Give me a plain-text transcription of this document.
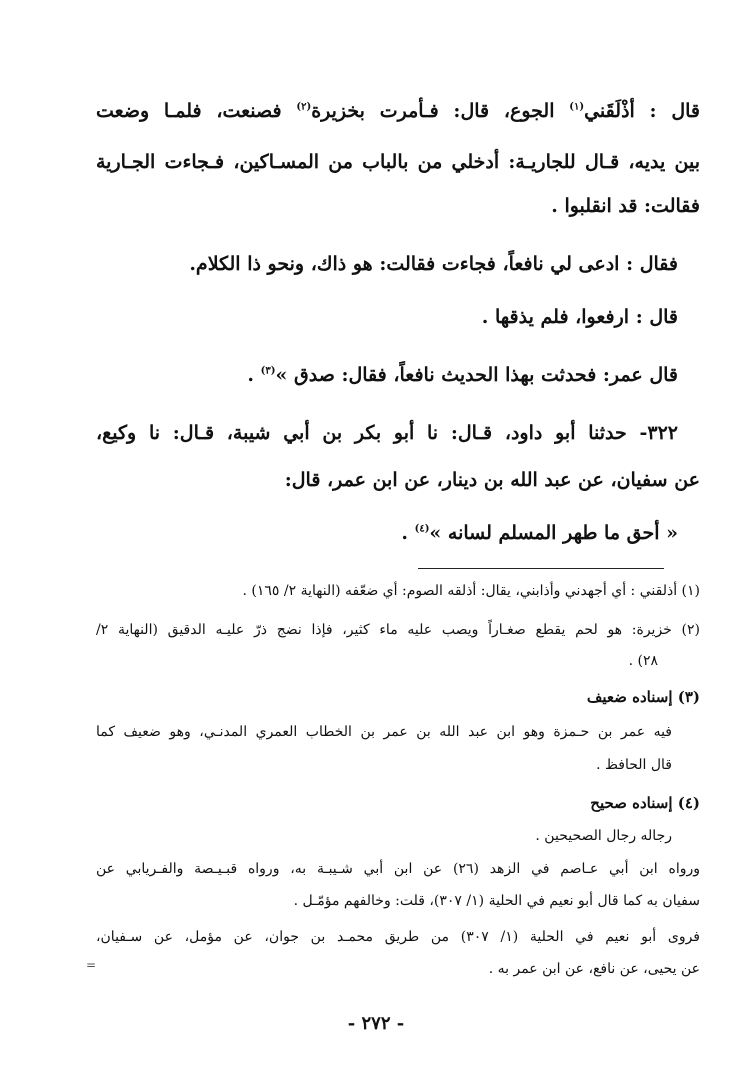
قال : أذْلَقَني$^{(١)}$ الجوع، قال: فـأمرت بخزيرة$^{(٢)}$ فصنعت، فلمـا وضعت
بين يديه، قـال للجاريـة: أدخلي من بالباب من المسـاكين، فـجاءت الجـارية
فقالت: قد انقلبوا .
فقال : ادعى لي نافعاً، فجاءت فقالت: هو ذاك، ونحو ذا الكلام.
قال : ارفعوا، فلم يذقها .
قال عمر: فحدثت بهذا الحديث نافعاً، فقال: صدق »$^{(٣)}$ .
٣٢٢- حدثنا أبو داود، قـال: نا أبو بكر بن أبي شيبة، قـال: نا وكيع،
عن سفيان، عن عبد الله بن دينار، عن ابن عمر، قال:
« أحق ما طهر المسلم لسانه »$^{(٤)}$ .
(١) أذلقني : أي أجهدني وأذابني، يقال: أذلقه الصوم: أي ضعّفه (النهاية ٢/ ١٦٥) .
(٢) خزيرة: هو لحم يقطع صغـاراً ويصب عليه ماء كثير، فإذا نضج ذرّ عليـه الدقيق (النهاية ٢/
٢٨) .
(٣) إسناده ضعيف
فيه عمر بن حـمزة وهو ابن عبد الله بن عمر بن الخطاب العمري المدنـي، وهو ضعيف كما
قال الحافظ .
(٤) إسناده صحيح
رجاله رجال الصحيحين .
ورواه ابن أبي عـاصم في الزهد (٢٦) عن ابن أبي شـيبـة به، ورواه قبـيـصة والفـريابي عن
سفيان به كما قال أبو نعيم في الحلية (١/ ٣٠٧)، قلت: وخالفهم مؤمّـل .
فروى أبو نعيم في الحلية (١/ ٣٠٧) من طريق محمـد بن جوان، عن مؤمل، عن سـفيان،
عن يحيى، عن نافع، عن ابن عمر به .
=
- ٢٧٢ -
